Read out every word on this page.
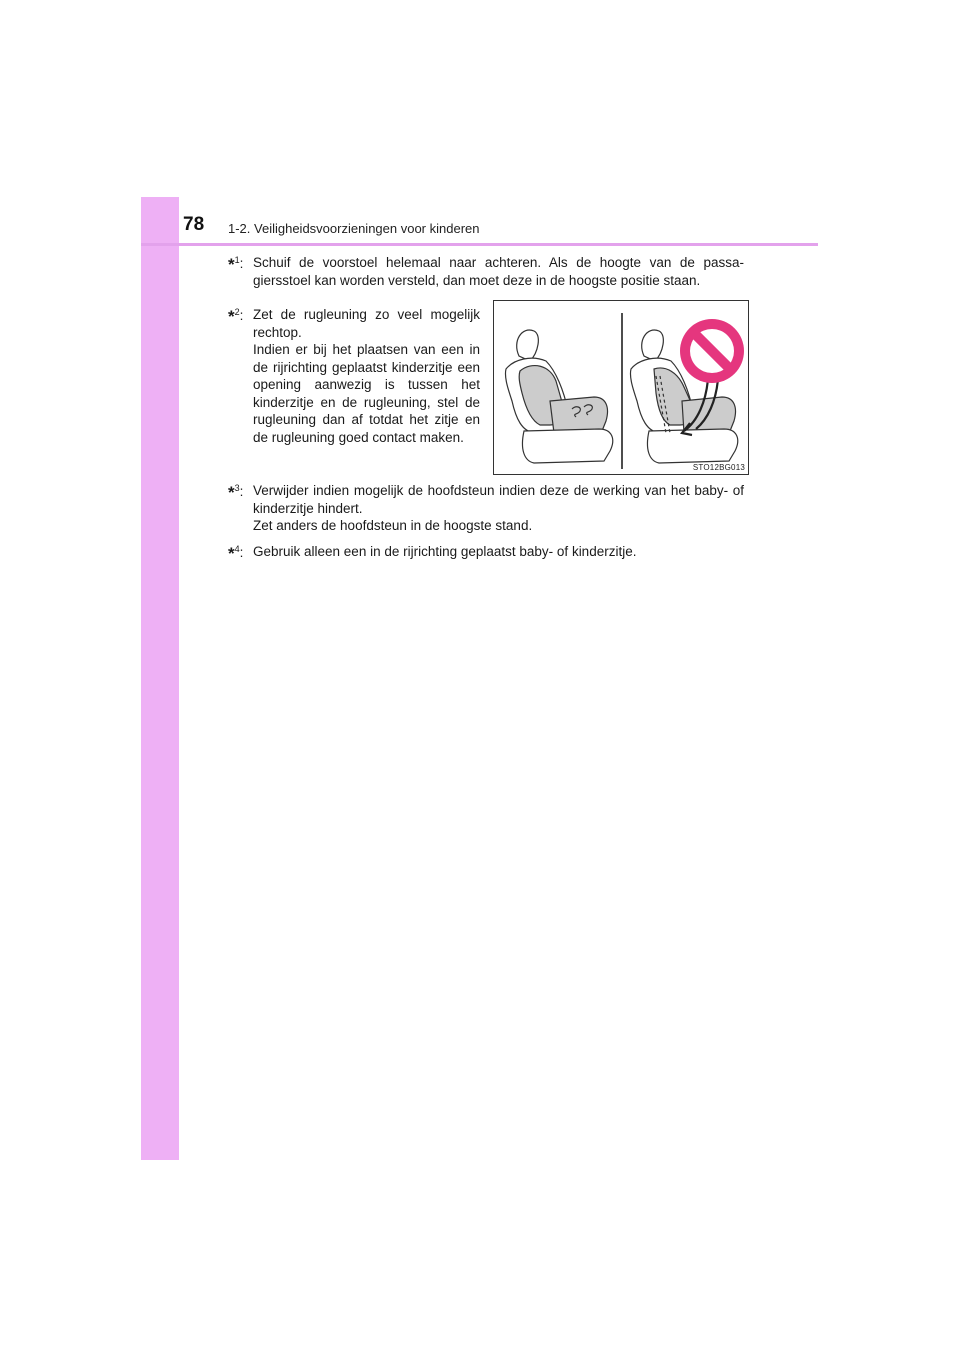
78 1-2. Veiligheidsvoorzieningen voor kinderen
*$^1$: Schuif de voorstoel helemaal naar achteren. Als de hoogte van de passa-giersstoel kan worden versteld, dan moet deze in de hoogste positie staan.

*$^2$: Zet de rugleuning zo veel mogelijk rechtop.

Indien er bij het plaatsen van een in de rijrichting geplaatst kinderzitje een opening aanwezig is tussen het kinderzitje en de rugleuning, stel de rugleuning dan af totdat het zitje en de rugleuning goed contact maken.

STO12BG013
*$^3$: Verwijder indien mogelijk de hoofdsteun indien deze de werking van het baby- of kinderzitje hindert.

Zet anders de hoofdsteun in de hoogste stand.

*$^4$: Gebruik alleen een in de rijrichting geplaatst baby- of kinderzitje.
